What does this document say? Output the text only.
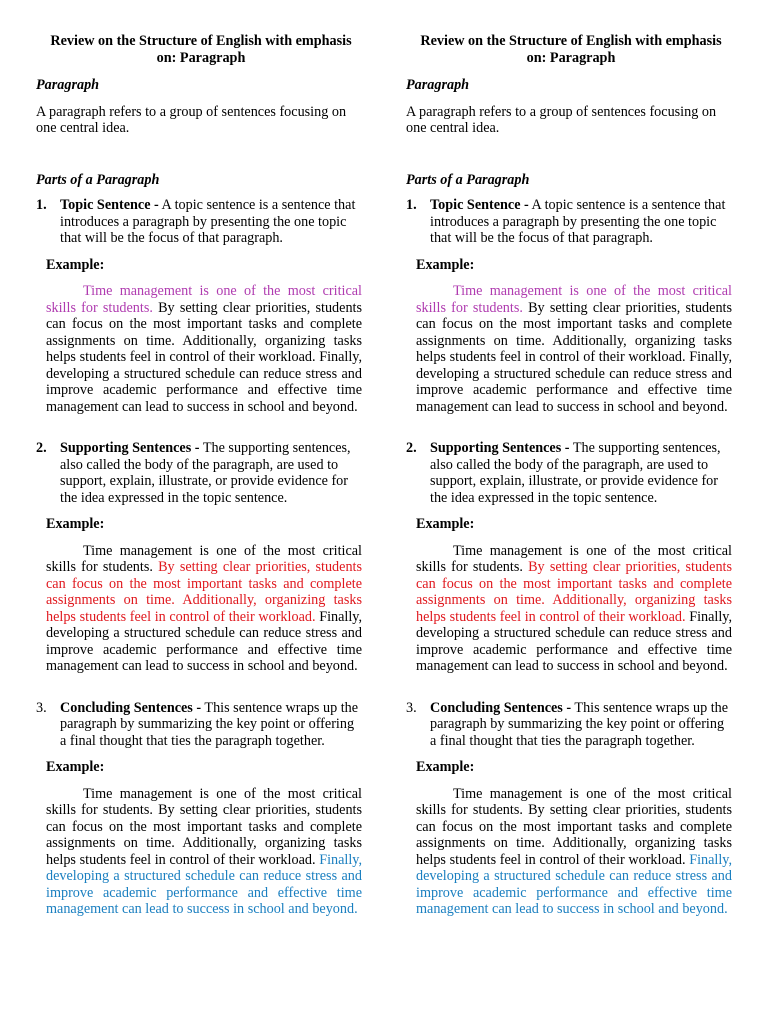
Review on the Structure of English with emphasis on: Paragraph

Paragraph

A paragraph refers to a group of sentences focusing on one central idea.

Parts of a Paragraph

1. Topic Sentence - A topic sentence is a sentence that introduces a paragraph by presenting the one topic that will be the focus of that paragraph.

Example:

Time management is one of the most critical skills for students. By setting clear priorities, students can focus on the most important tasks and complete assignments on time. Additionally, organizing tasks helps students feel in control of their workload. Finally, developing a structured schedule can reduce stress and improve academic performance and effective time management can lead to success in school and beyond.

2. Supporting Sentences - The supporting sentences, also called the body of the paragraph, are used to support, explain, illustrate, or provide evidence for the idea expressed in the topic sentence.

Example:

Time management is one of the most critical skills for students. By setting clear priorities, students can focus on the most important tasks and complete assignments on time. Additionally, organizing tasks helps students feel in control of their workload. Finally, developing a structured schedule can reduce stress and improve academic performance and effective time management can lead to success in school and beyond.

3. Concluding Sentences - This sentence wraps up the paragraph by summarizing the key point or offering a final thought that ties the paragraph together.

Example:

Time management is one of the most critical skills for students. By setting clear priorities, students can focus on the most important tasks and complete assignments on time. Additionally, organizing tasks helps students feel in control of their workload. Finally, developing a structured schedule can reduce stress and improve academic performance and effective time management can lead to success in school and beyond.

Review on the Structure of English with emphasis on: Paragraph

Paragraph

A paragraph refers to a group of sentences focusing on one central idea.

Parts of a Paragraph

1. Topic Sentence - A topic sentence is a sentence that introduces a paragraph by presenting the one topic that will be the focus of that paragraph.

Example:

Time management is one of the most critical skills for students. By setting clear priorities, students can focus on the most important tasks and complete assignments on time. Additionally, organizing tasks helps students feel in control of their workload. Finally, developing a structured schedule can reduce stress and improve academic performance and effective time management can lead to success in school and beyond.

2. Supporting Sentences - The supporting sentences, also called the body of the paragraph, are used to support, explain, illustrate, or provide evidence for the idea expressed in the topic sentence.

Example:

Time management is one of the most critical skills for students. By setting clear priorities, students can focus on the most important tasks and complete assignments on time. Additionally, organizing tasks helps students feel in control of their workload. Finally, developing a structured schedule can reduce stress and improve academic performance and effective time management can lead to success in school and beyond.

3. Concluding Sentences - This sentence wraps up the paragraph by summarizing the key point or offering a final thought that ties the paragraph together.

Example:

Time management is one of the most critical skills for students. By setting clear priorities, students can focus on the most important tasks and complete assignments on time. Additionally, organizing tasks helps students feel in control of their workload. Finally, developing a structured schedule can reduce stress and improve academic performance and effective time management can lead to success in school and beyond.
